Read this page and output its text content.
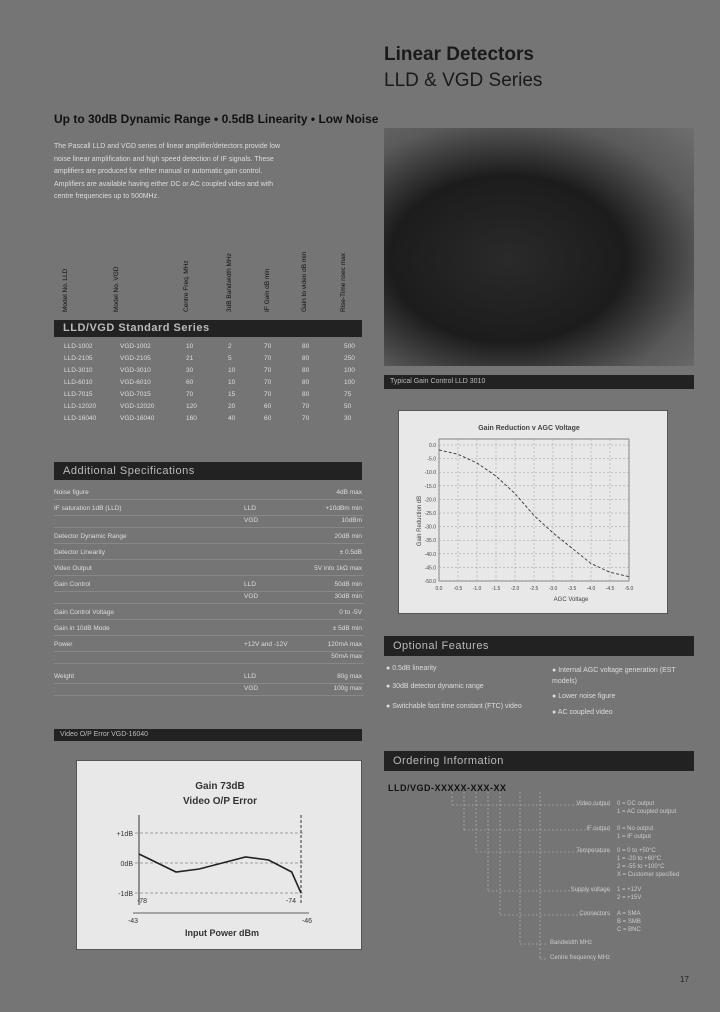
Linear Detectors
LLD & VGD Series
Up to 30dB Dynamic Range • 0.5dB Linearity • Low Noise
The Pascall LLD and VGD series of linear amplifier/detectors provide low
noise linear amplification and high speed detection of IF signals. These
amplifiers are produced for either manual or automatic gain control.
Amplifiers are available having either DC or AC coupled video and with
centre frequencies up to 500MHz.
Model No. LLD	Model No. VGD	Centre Freq. MHz	3dB Bandwidth MHz	IF Gain dB min	Gain to video dB min	Rise-Time nsec max
LLD/VGD Standard Series
LLD-1002	VGD-1002	10	2	70	80	500
LLD-2105	VGD-2105	21	5	70	80	250
LLD-3010	VGD-3010	30	10	70	80	100
LLD-6010	VGD-6010	60	10	70	80	100
LLD-7015	VGD-7015	70	15	70	80	75
LLD-12020	VGD-12020	120	20	60	70	50
LLD-16040	VGD-16040	160	40	60	70	30
Additional Specifications
Noise figure	4dB max
IF saturation 1dB (LLD)	LLD	+10dBm min
VGD	10dBm
Detector Dynamic Range	20dB min
Detector Linearity	± 0.5dB
Video Output	5V into 1kΩ max
Gain Control	LLD	50dB min
VGD	30dB min
Gain Control Voltage	0 to -5V
Gain in 10dB Mode	± 5dB min
Power	+12V and -12V	120mA max
50mA max
Weight	LLD	80g max
VGD	100g max
Video O/P Error VGD-16040
Gain 73dB
Video O/P Error
Input Power dBm
+1dB
0dB
-1dB
-78	-74
-43	-46
Typical Gain Control LLD 3010
Gain Reduction v AGC Voltage
AGC Voltage
Gain Reduction dB
0.0 -0.5 -1.0 -1.5 -2.0 -2.5 -3.0 -3.5 -4.0 -4.5 -5.0
0.0
-5.0
-10.0
-15.0
-20.0
-25.0
-30.0
-35.0
-40.0
-45.0
-50.0
Optional Features
● 0.5dB linearity
● 30dB detector dynamic range
● Switchable fast time constant (FTC) video
● Internal AGC voltage generation (EST models)
● Lower noise figure
● AC coupled video
Ordering Information
LLD/VGD-XXXXX-XXX-XX
Video output 0 = DC output
1 = AC coupled output
IF output 0 = No output
1 = IF output
Temperature 0 = 0 to +50°C
1 = -20 to +60°C
2 = -55 to +100°C
X = Customer specified
Supply voltage 1 = +12V
2 = +15V
Connectors A = SMA
B = SMB
C = BNC
Bandwidth MHz
Centre frequency MHz
17
